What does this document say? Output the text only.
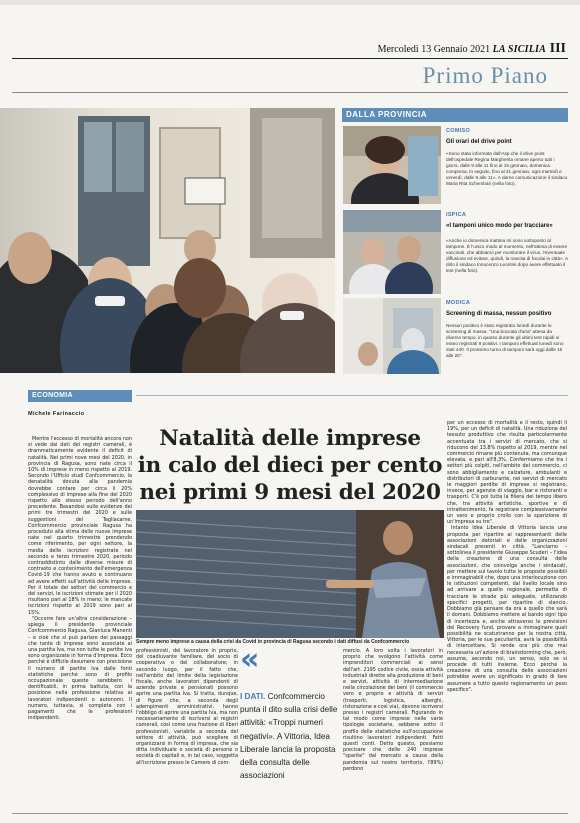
Mercoledì 13 Gennaio 2021 LA SICILIA III
Primo Piano
DALLA PROVINCIA
COMISO
Gli orari del drive point
«Sono stata informata dall'Asp che il drive point dell'ospedale Regina Margherita rimane aperto tutti i giorni, dalle 9 alle 11 fino al 15 gennaio, domenica compresa. In seguito, fino al 31 gennaio, ogni martedì e venerdì, dalle 9 alle 11». A darne comunicazione il sindaco Maria Rita Schembari (nella foto).
ISPICA
«I tamponi unico modo per tracciare»
«Anche io domenica mattina mi sono sottoposto al tampone. È l'unico modo al momento, nell'attesa di essere vaccinati, che abbiamo per monitorare il virus, l'eventuale diffusione ed evitare, quindi, la nascita di focolai in città». A dirlo il sindaco Innocenzo Leontini dopo avere effettuato il test (nella foto).
MODICA
Screening di massa, nessun positivo
Nessun positivo è stato registrato lunedì durante lo screening di massa. "Una boccata d'aria" attesa da diverso tempo, in quanto durante gli ultimi test rapidi si erano registrati 8 positivi. I tamponi effettuati lunedì sono stati 440. Il prossimo turno di tamponi sarà oggi dalle 16 alle 20".
ECONOMIA
Michele Farinaccio

Mentre l'eccesso di mortalità ancora non si vede dai dati dei registri camerali, è drammaticamente evidente il deficit di natalità. Nei primi nove mesi del 2020, in provincia di Ragusa, sono nate circa il 10% di imprese in meno rispetto al 2019. Secondo l'Ufficio studi Confcommercio, la denatalità dovuta alla pandemia dovrebbe contare per circa il 20% complessivo di imprese alla fine del 2020 rispetto allo stesso periodo dell'anno precedente. Basandosi sulle evidenze dei primi tre trimestri del 2020 e sulle suggestioni del Tagliacarne, Confcommercio provinciale Ragusa ha proceduto alla stima delle nuove imprese nate nel quarto trimestre prendendo come riferimento, per ogni settore, la media delle iscrizioni registrate nel secondo e terzo trimestre 2020, periodo contraddistinto dalle diverse misure di contrasto e contenimento dell'emergenza Covid-19 che hanno avuto e continuano ad avere effetti sull'attività delle imprese. Per il totale dei settori del commercio e dei servizi, le iscrizioni stimate per il 2020 risultano pari al 18% in meno; le mancate iscrizioni rispetto al 2019 sono pari al 15%.

"Occorre fare un'altra considerazione – spiega il presidente provinciale Confcommercio Ragusa, Gianluca Manenti – e cioè che si può parlare dei passaggi che tante di imprese sono associate al una partita Iva, ma non tutte le partite Iva sono organizzate in forma d'impresa. Ecco perché è difficile desumere con precisione il numero di partite Iva dalle fonti statistiche perché sono di profilo occupazionale queste sarebbero i dentificabili, in prima battuta, con la posizione nella professione relativa ai lavoratori indipendenti o autonomi. Il numero, tuttavia, si completa con i pagamenti che le professioni indipendenti.

Natalità delle imprese
in calo del dieci per cento
nei primi 9 mesi del 2020
Sempre meno imprese a causa della crisi da Covid in provincia di Ragusa secondo i dati diffusi da Confcommercio

professionisti, del lavoratore in proprio, del coadiuvante familiare, del socio di cooperativa o del collaboratore; in secondo luogo, per il fatto che, nell'ambito del limite della legislazione fiscale, anche lavoratori dipendenti di aziende private e pensionati possono aprire una partita Iva. Si tratta, dunque, di figure che, a seconda degli adempimenti amministrativi, hanno l'obbligo di aprire una partita Iva, ma non necessariamente di iscriversi ai registri camerali, così come una frazione di liberi professionisti, variabile a seconda del settore di attività, può scegliere di organizzarsi in forma di impresa, che sia ditta individuale o società di persone o società di capitali e, in tal caso, soggetta all'iscrizione presso le Camere di com-

«
I DATI. Confcommercio punta il dito sulla crisi delle attività: «Troppi numeri negativi». A Vittoria, Idea Liberale lancia la proposta della consulta delle associazioni

mercio. A loro volta i lavoratori in proprio che svolgono l'attività come imprenditori commerciali ai sensi dell'art. 2195 codice civile, ossia attività industriali dirette alla produzione di beni e servizi, attività di intermediazione nella circolazione dei beni (il commercio vero e proprio e attività di servizi (trasporti, logistica, alberghi, ristorazione e così via), devono iscriversi presso i registri camerali. Figurando in tal modo come imprese nelle varie tipologie societarie, sebbene sotto il profilo delle statistiche sull'occupazione risultino lavoratori indipendenti. Fatti questi conti. Detto questo, possiamo precisare che delle 240 imprese "sparite" dal mercato a causa della pandemia sul nostro territorio, l'89%) perdono

per un eccesso di mortalità e il resto, quindi il 19%, per un deficit di natalità. Una riduzione del tessuto produttivo che risulta particolarmente accentuata tra i servizi di mercato, che si riducono del 13,8% rispetto al 2019, mentre nel commercio rimane più contenuta, ma comunque elevata, e pari all'8,3%. Confermiamo che tra i settori più colpiti, nell'ambito del commercio, ci sono abbigliamento e calzature, ambulanti e distributori di carburante, nei servizi di mercato le maggiori perdite di imprese si registrano, invece, per agenzie di viaggio, bar e ristoranti e trasporti. C'è poi tutta la filiera del tempo libero che, tra attività artistiche, sportive e di intrattenimento, fa registrare complessivamente un vero e proprio crollo con la sparizione di un'impresa su tre".

Intanto Idea Liberale di Vittoria lancia una proposta per ripartire ai rappresentanti delle associazioni datoriali e delle organizzazioni sindacali presenti in città. "Lanciamo – sottolinea il presidente Giuseppe Scuderi – l'idea della creazione di una consulta delle associazioni, che coinvolga anche i sindacati, per mettere sul tavolo tutte le proposte possibili e immaginabili che, dopo una interlocuzione con le istituzioni competenti, dal livello locale sino ad arrivare a quello regionale, permetta di tracciare le strade più adeguate, utilizzando specifici progetti, per ripartire di slancio. Dobbiamo già pensare da ora a quello che sarà il domani. Dobbiamo mettere al bando ogni tipo di incertezza e, anche attraverso le previsioni del Recovery fund, provare a immaginare quali possibilità ne scaturiranno per la nostra città, Vittoria, per le sue peculiarità, avrà la possibilità di intercettare. Si rende ora più che mai necessaria un'azione di brainstorming che, però, assume, secondo noi, un senso, solo se si procede di tutti insieme. Ecco perché la creazione di una consulta delle associazioni potrebbe avere un significato in grado di fare assumere a tutto questo ragionamento un peso specifico".
